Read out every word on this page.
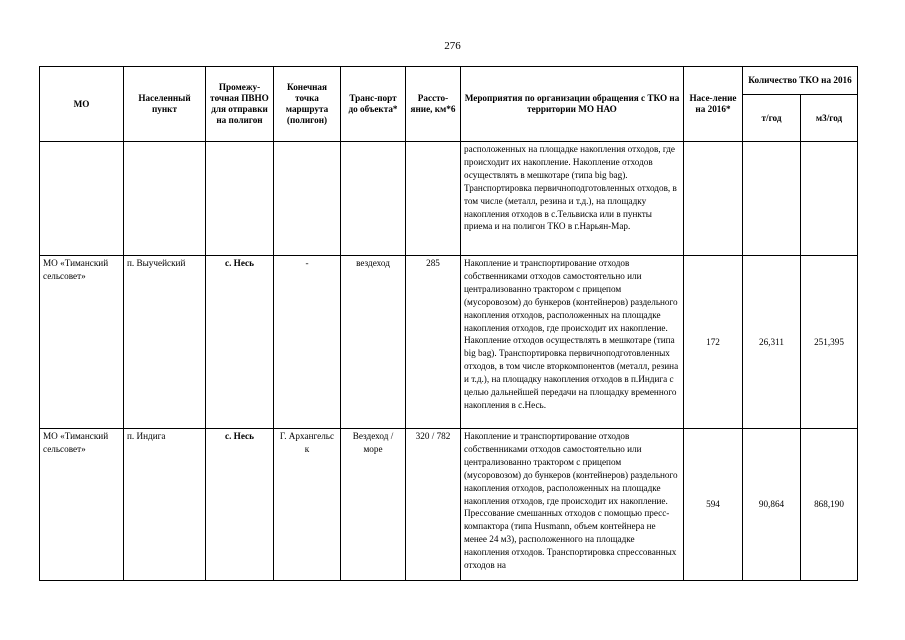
276
МО	Населенный пункт	Промежу-точная ПВНО для отправки на полигон	Конечная точка маршрута (полигон)	Транс-порт до объекта*	Рассто-яние, км*6	Мероприятия по организации обращения с ТКО на территории МО НАО	Насе-ление на 2016*	Количество ТКО на 2016	
								т/год	м3/год
						расположенных на площадке накопления отходов, где происходит их накопление. Накопление отходов осуществлять в мешкотаре (типа big bag). Транспортировка первичноподготовленных отходов, в том числе (металл, резина и т.д.), на площадку накопления отходов в с.Тельвиска или в пункты приема и на полигон ТКО в г.Нарьян-Мар.			
МО «Тиманский сельсовет»	п. Выучейский	с. Несь	-	вездеход	285	Накопление и транспортирование отходов собственниками отходов самостоятельно или централизованно трактором с прицепом (мусоровозом) до бункеров (контейнеров) раздельного накопления отходов, расположенных на площадке накопления отходов, где происходит их накопление. Накопление отходов осуществлять в мешкотаре (типа big bag). Транспортировка первичноподготовленных отходов, в том числе вторкомпонентов (металл, резина и т.д.), на площадку накопления отходов в п.Индига с целью дальнейшей передачи на площадку временного накопления в с.Несь.	172	26,311	251,395
МО «Тиманский сельсовет»	п. Индига	с. Несь	Г. Архангельс к	Вездеход / море	320 / 782	Накопление и транспортирование отходов собственниками отходов самостоятельно или централизованно трактором с прицепом (мусоровозом) до бункеров (контейнеров) раздельного накопления отходов, расположенных на площадке накопления отходов, где происходит их накопление. Прессование смешанных отходов с помощью пресс-компактора (типа Husmann, объем контейнера не менее 24 м3), расположенного на площадке накопления отходов. Транспортировка спрессованных отходов на	594	90,864	868,190
